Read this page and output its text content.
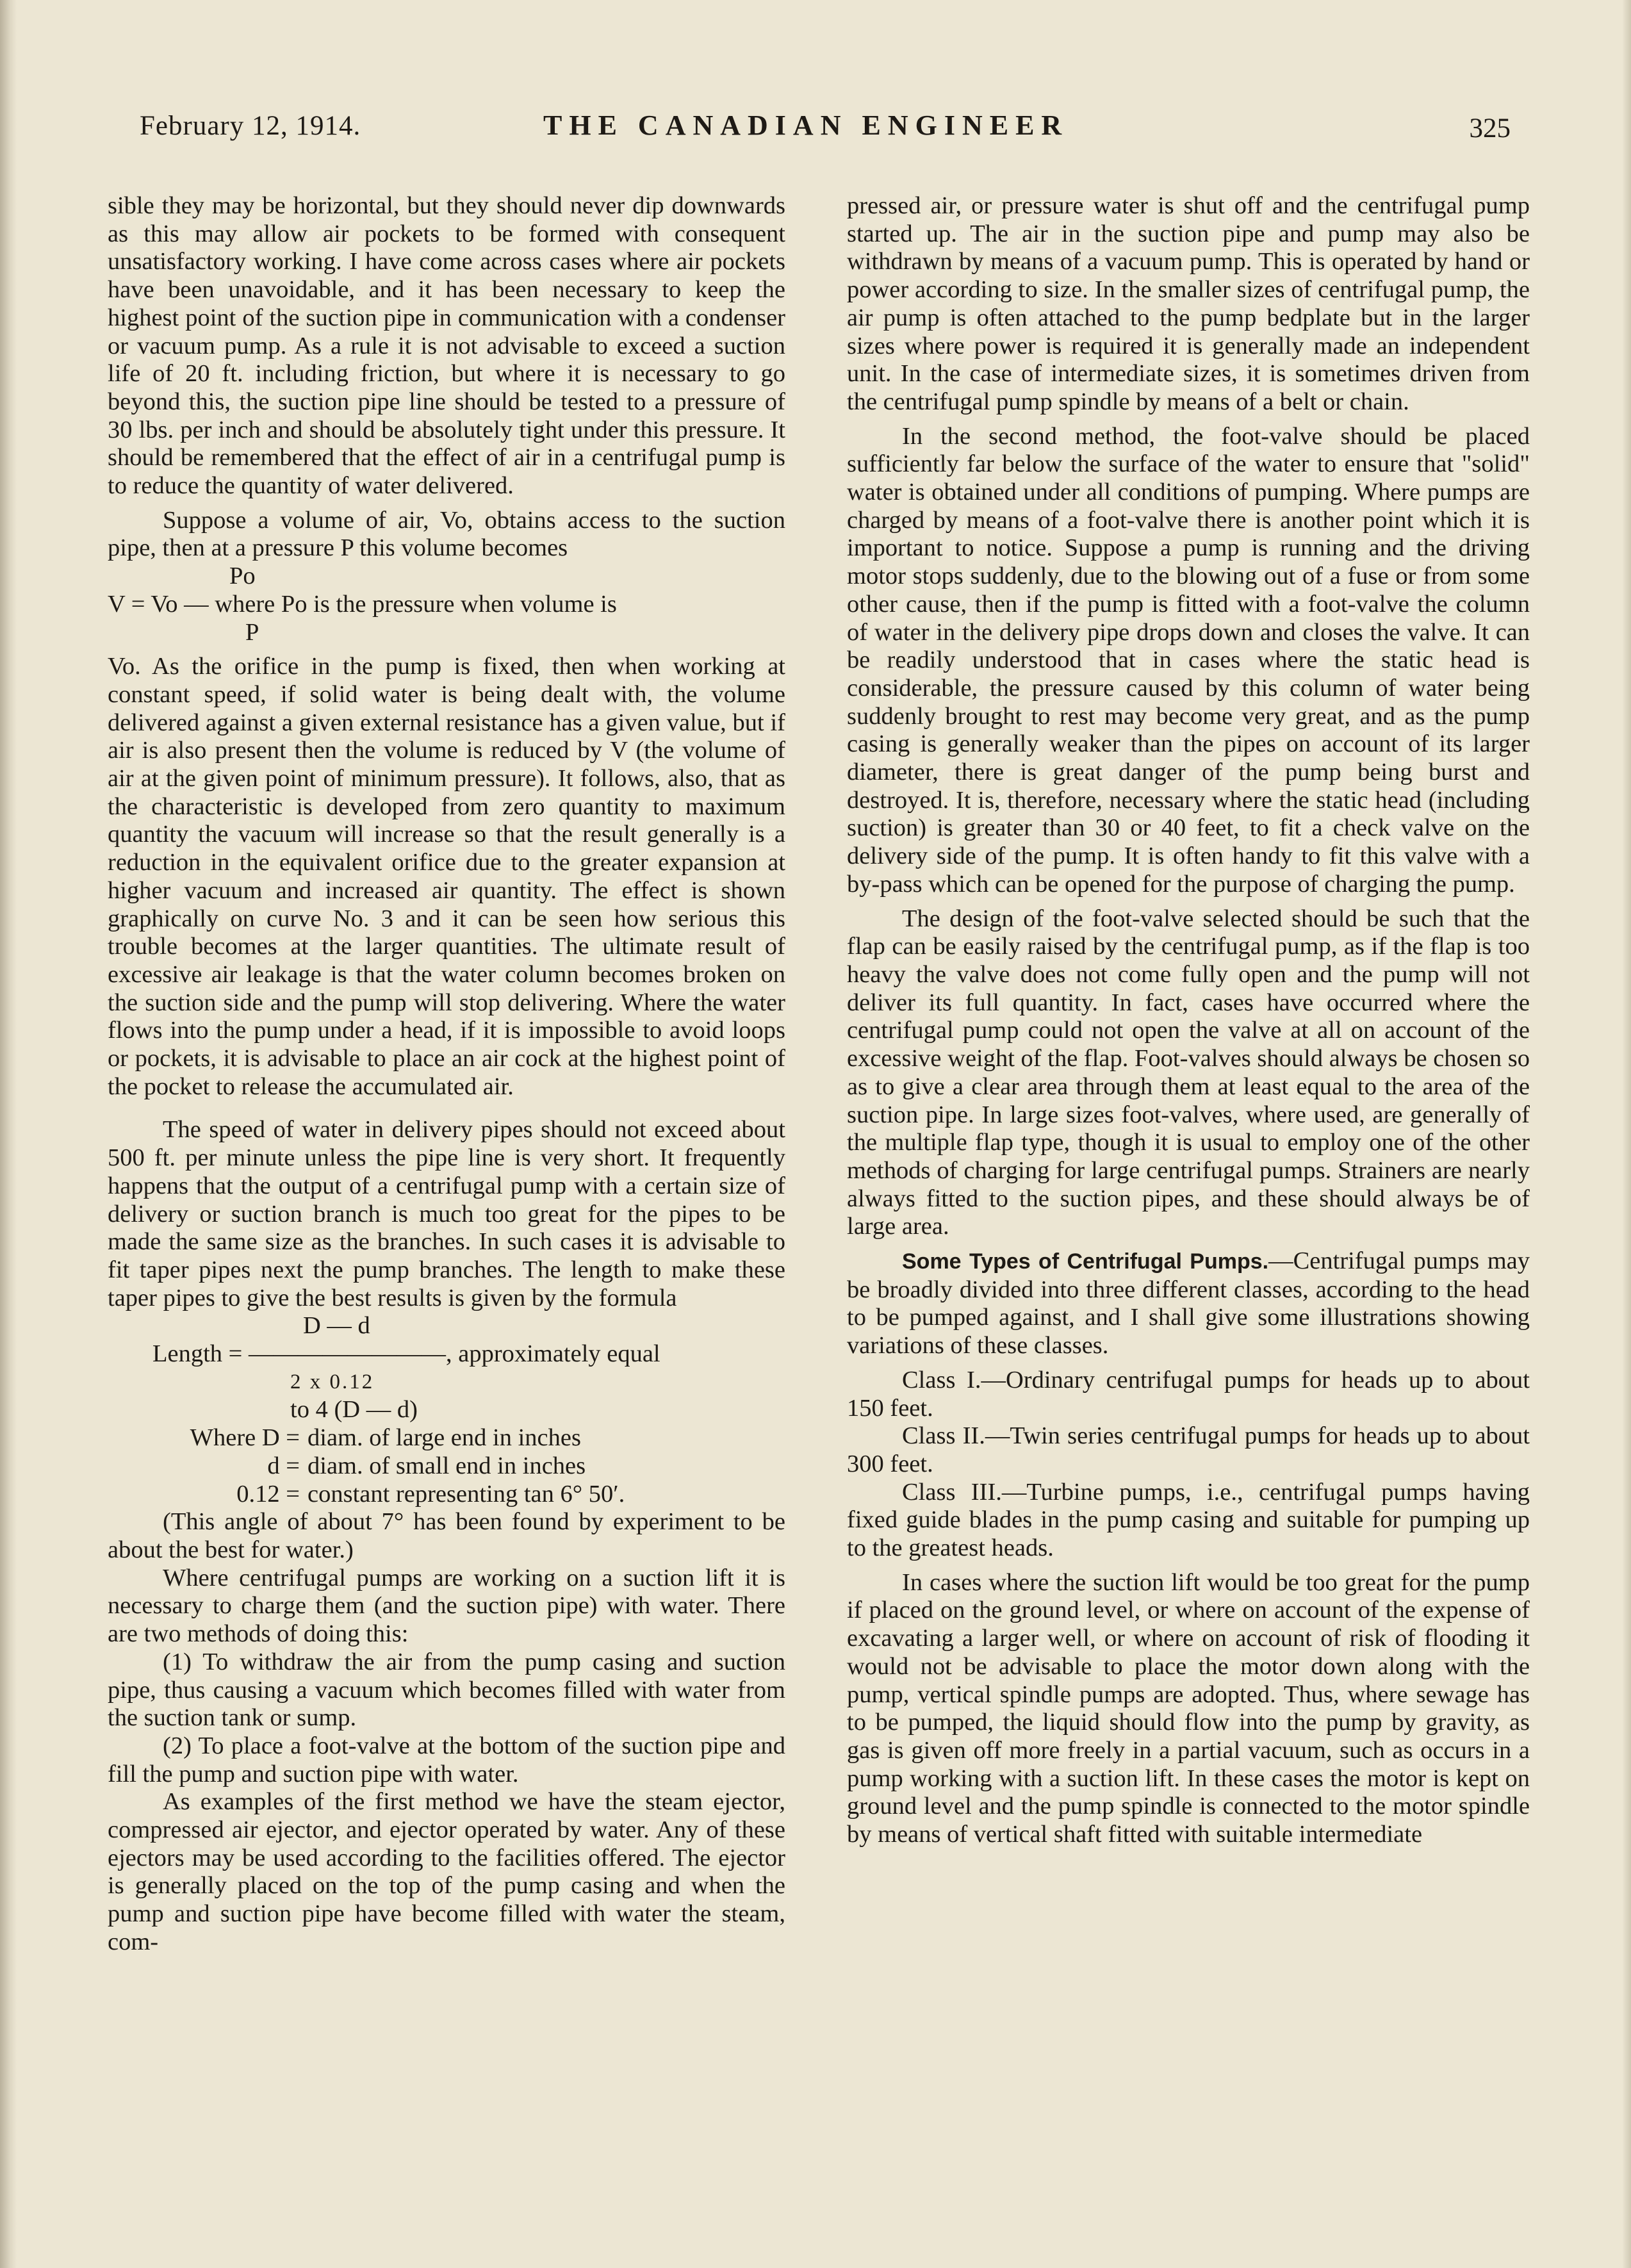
February 12, 1914.	THE CANADIAN ENGINEER	325

sible they may be horizontal, but they should never dip downwards as this may allow air pockets to be formed with consequent unsatisfactory working. I have come across cases where air pockets have been unavoidable, and it has been necessary to keep the highest point of the suction pipe in communication with a condenser or vacuum pump. As a rule it is not advisable to exceed a suction life of 20 ft. including friction, but where it is necessary to go beyond this, the suction pipe line should be tested to a pressure of 30 lbs. per inch and should be absolutely tight under this pressure. It should be remembered that the effect of air in a centrifugal pump is to reduce the quantity of water delivered.

Suppose a volume of air, Vo, obtains access to the suction pipe, then at a pressure P this volume becomes

Po
V = Vo — where Po is the pressure when volume is
P

Vo. As the orifice in the pump is fixed, then when working at constant speed, if solid water is being dealt with, the volume delivered against a given external resistance has a given value, but if air is also present then the volume is reduced by V (the volume of air at the given point of minimum pressure). It follows, also, that as the characteristic is developed from zero quantity to maximum quantity the vacuum will increase so that the result generally is a reduction in the equivalent orifice due to the greater expansion at higher vacuum and increased air quantity. The effect is shown graphically on curve No. 3 and it can be seen how serious this trouble becomes at the larger quantities. The ultimate result of excessive air leakage is that the water column becomes broken on the suction side and the pump will stop delivering. Where the water flows into the pump under a head, if it is impossible to avoid loops or pockets, it is advisable to place an air cock at the highest point of the pocket to release the accumulated air.

The speed of water in delivery pipes should not exceed about 500 ft. per minute unless the pipe line is very short. It frequently happens that the output of a centrifugal pump with a certain size of delivery or suction branch is much too great for the pipes to be made the same size as the branches. In such cases it is advisable to fit taper pipes next the pump branches. The length to make these taper pipes to give the best results is given by the formula

D — d
Length = ————————, approximately equal
2 x 0.12
to 4 (D — d)
Where D = diam. of large end in inches
d = diam. of small end in inches
0.12 = constant representing tan 6° 50′.

(This angle of about 7° has been found by experiment to be about the best for water.)

Where centrifugal pumps are working on a suction lift it is necessary to charge them (and the suction pipe) with water. There are two methods of doing this:

(1) To withdraw the air from the pump casing and suction pipe, thus causing a vacuum which becomes filled with water from the suction tank or sump.

(2) To place a foot-valve at the bottom of the suction pipe and fill the pump and suction pipe with water.

As examples of the first method we have the steam ejector, compressed air ejector, and ejector operated by water. Any of these ejectors may be used according to the facilities offered. The ejector is generally placed on the top of the pump casing and when the pump and suction pipe have become filled with water the steam, com-

pressed air, or pressure water is shut off and the centrifugal pump started up. The air in the suction pipe and pump may also be withdrawn by means of a vacuum pump. This is operated by hand or power according to size. In the smaller sizes of centrifugal pump, the air pump is often attached to the pump bedplate but in the larger sizes where power is required it is generally made an independent unit. In the case of intermediate sizes, it is sometimes driven from the centrifugal pump spindle by means of a belt or chain.

In the second method, the foot-valve should be placed sufficiently far below the surface of the water to ensure that "solid" water is obtained under all conditions of pumping. Where pumps are charged by means of a foot-valve there is another point which it is important to notice. Suppose a pump is running and the driving motor stops suddenly, due to the blowing out of a fuse or from some other cause, then if the pump is fitted with a foot-valve the column of water in the delivery pipe drops down and closes the valve. It can be readily understood that in cases where the static head is considerable, the pressure caused by this column of water being suddenly brought to rest may become very great, and as the pump casing is generally weaker than the pipes on account of its larger diameter, there is great danger of the pump being burst and destroyed. It is, therefore, necessary where the static head (including suction) is greater than 30 or 40 feet, to fit a check valve on the delivery side of the pump. It is often handy to fit this valve with a by-pass which can be opened for the purpose of charging the pump.

The design of the foot-valve selected should be such that the flap can be easily raised by the centrifugal pump, as if the flap is too heavy the valve does not come fully open and the pump will not deliver its full quantity. In fact, cases have occurred where the centrifugal pump could not open the valve at all on account of the excessive weight of the flap. Foot-valves should always be chosen so as to give a clear area through them at least equal to the area of the suction pipe. In large sizes foot-valves, where used, are generally of the multiple flap type, though it is usual to employ one of the other methods of charging for large centrifugal pumps. Strainers are nearly always fitted to the suction pipes, and these should always be of large area.

Some Types of Centrifugal Pumps.—Centrifugal pumps may be broadly divided into three different classes, according to the head to be pumped against, and I shall give some illustrations showing variations of these classes.

Class I.—Ordinary centrifugal pumps for heads up to about 150 feet.

Class II.—Twin series centrifugal pumps for heads up to about 300 feet.

Class III.—Turbine pumps, i.e., centrifugal pumps having fixed guide blades in the pump casing and suitable for pumping up to the greatest heads.

In cases where the suction lift would be too great for the pump if placed on the ground level, or where on account of the expense of excavating a larger well, or where on account of risk of flooding it would not be advisable to place the motor down along with the pump, vertical spindle pumps are adopted. Thus, where sewage has to be pumped, the liquid should flow into the pump by gravity, as gas is given off more freely in a partial vacuum, such as occurs in a pump working with a suction lift. In these cases the motor is kept on ground level and the pump spindle is connected to the motor spindle by means of vertical shaft fitted with suitable intermediate
